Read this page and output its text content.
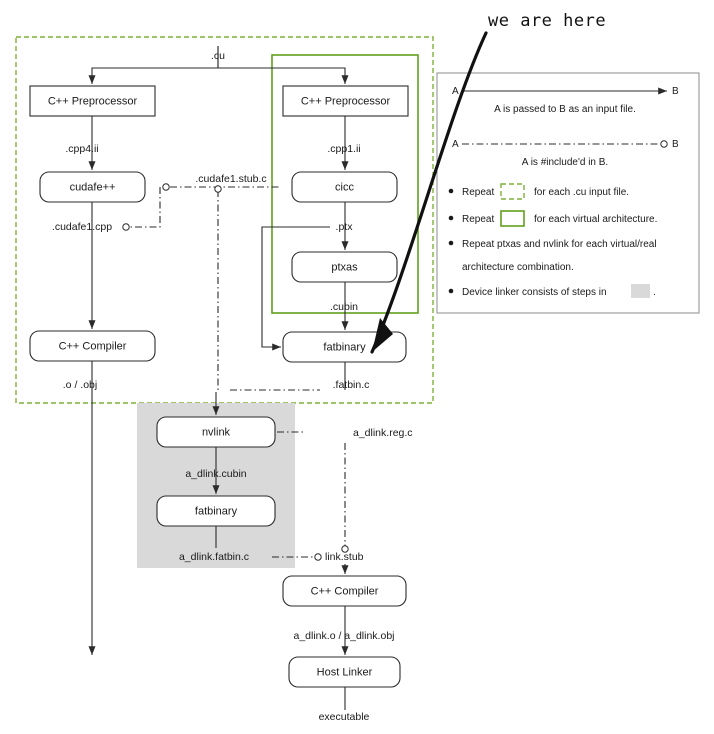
C++ Preprocessor
cudafe++
C++ Compiler
C++ Preprocessor
cicc
ptxas
fatbinary
nvlink
fatbinary
C++ Compiler
Host Linker
.cu
.cpp4.ii
.cudafe1.cpp
.cudafe1.stub.c
.cpp1.ii
.ptx
.cubin
.o / .obj	.fatbin.c
a_dlink.reg.c
a_dlink.cubin
a_dlink.fatbin.c	link.stub
a_dlink.o / a_dlink.obj
executable
A	B
A is passed to B as an input file.
A	B
A is #include'd in B.
Repeat	for each .cu input file.
Repeat	for each virtual architecture.
Repeat ptxas and nvlink for each virtual/real
architecture combination.
Device linker consists of steps in	.
we are here
